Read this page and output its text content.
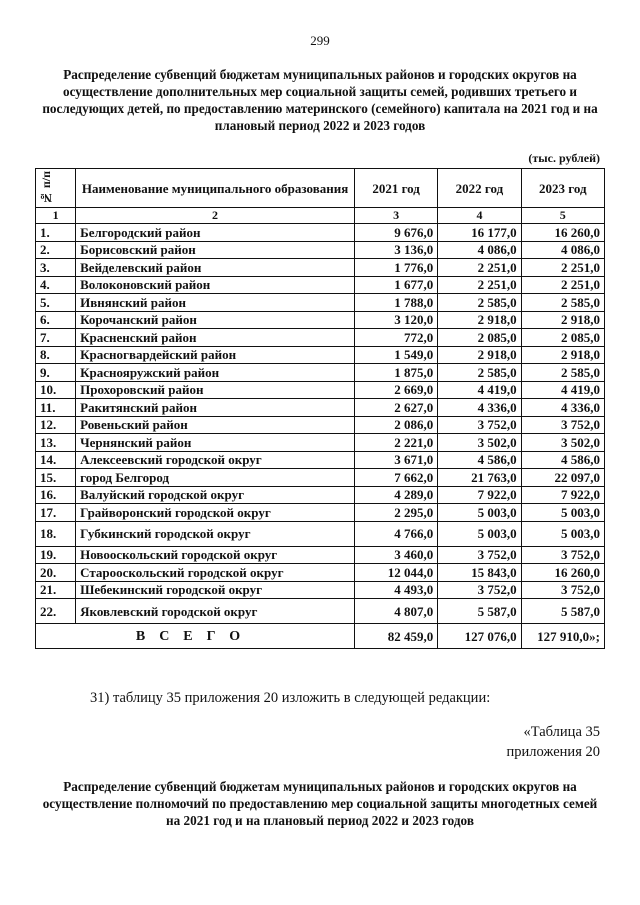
299
Распределение субвенций бюджетам муниципальных районов и городских округов на осуществление дополнительных мер социальной защиты семей, родивших третьего и последующих детей, по предоставлению материнского (семейного) капитала на 2021 год и на плановый период 2022 и 2023 годов
(тыс. рублей)
№ п/п	Наименование муниципального образования	2021 год	2022 год	2023 год
1	2	3	4	5
1.	Белгородский район	9 676,0	16 177,0	16 260,0
2.	Борисовский район	3 136,0	4 086,0	4 086,0
3.	Вейделевский район	1 776,0	2 251,0	2 251,0
4.	Волоконовский район	1 677,0	2 251,0	2 251,0
5.	Ивнянский район	1 788,0	2 585,0	2 585,0
6.	Корочанский район	3 120,0	2 918,0	2 918,0
7.	Красненский район	772,0	2 085,0	2 085,0
8.	Красногвардейский район	1 549,0	2 918,0	2 918,0
9.	Краснояружский район	1 875,0	2 585,0	2 585,0
10.	Прохоровский район	2 669,0	4 419,0	4 419,0
11.	Ракитянский район	2 627,0	4 336,0	4 336,0
12.	Ровеньский район	2 086,0	3 752,0	3 752,0
13.	Чернянский район	2 221,0	3 502,0	3 502,0
14.	Алексеевский городской округ	3 671,0	4 586,0	4 586,0
15.	город Белгород	7 662,0	21 763,0	22 097,0
16.	Валуйский городской округ	4 289,0	7 922,0	7 922,0
17.	Грайворонский городской округ	2 295,0	5 003,0	5 003,0
18.	Губкинский городской округ	4 766,0	5 003,0	5 003,0
19.	Новооскольский городской округ	3 460,0	3 752,0	3 752,0
20.	Старооскольский городской округ	12 044,0	15 843,0	16 260,0
21.	Шебекинский городской округ	4 493,0	3 752,0	3 752,0
22.	Яковлевский городской округ	4 807,0	5 587,0	5 587,0
ВСЕГО		82 459,0	127 076,0	127 910,0»;
31) таблицу 35 приложения 20 изложить в следующей редакции:
«Таблица 35
приложения 20
Распределение субвенций бюджетам муниципальных районов и городских округов на осуществление полномочий по предоставлению мер социальной защиты многодетных семей на 2021 год и на плановый период 2022 и 2023 годов
